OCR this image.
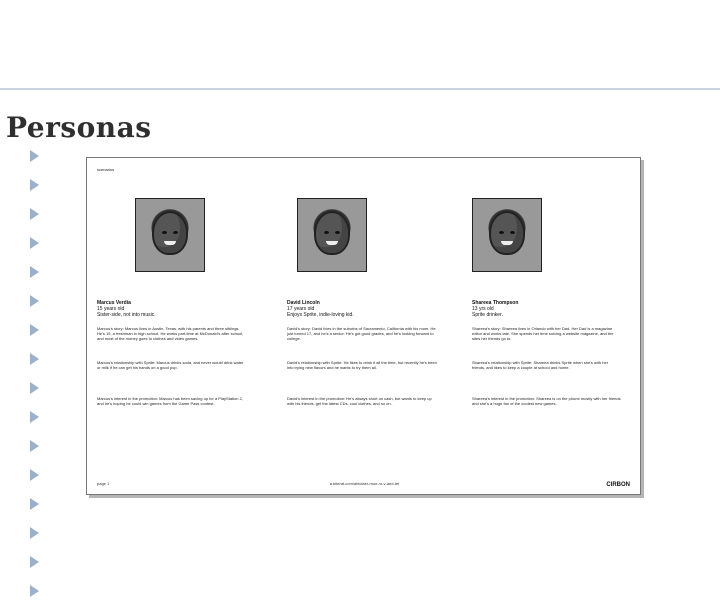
Personas
scenarios
Marcus Verdia
15 years old
Sister-side, not into music.
Marcus's story: Marcus lives in Austin, Texas, with his parents and three siblings. He's 15, a freshman in high school. He works part-time at McDonald's after school, and most of the money goes to clothes and video games.
Marcus's relationship with Sprite: Marcus drinks soda, and never would drink water or milk if he can get his hands on a good pop.
Marcus's interest in the promotion: Marcus has been saving up for a PlayStation 2, and he's hoping he could win games from the Game Pass contest.
David Lincoln
17 years old
Enjoys Sprite, indie-loving kid.
David's story: David lives in the suburbs of Sacramento, California with his mom. He just turned 17, and he's a senior. He's got good grades, and he's looking forward to college.
David's relationship with Sprite: He likes to drink it all the time, but recently he's been into trying new flavors and he wants to try them all.
David's interest in the promotion: He's always short on cash, but wants to keep up with his friends, get the latest CDs, cool clothes, and so on.
Shareea Thompson
13 yrs old
Sprite drinker.
Shareea's story: Shareea lives in Orlando with her Dad. Her Dad is a magazine editor and works late. She spends her time solving a website magazine, and the sites her friends go to.
Shareea's relationship with Sprite: Shareea drinks Sprite when she's with her friends, and likes to keep a couple at school and home.
Shareea's interest in the promotion: Shareea is on the phone mostly with her friends and she's a huge fan of the coolest new games.
page 1	a.biterat.com/ahtclaer-muo-nr-v-and-tet	CIRBON
